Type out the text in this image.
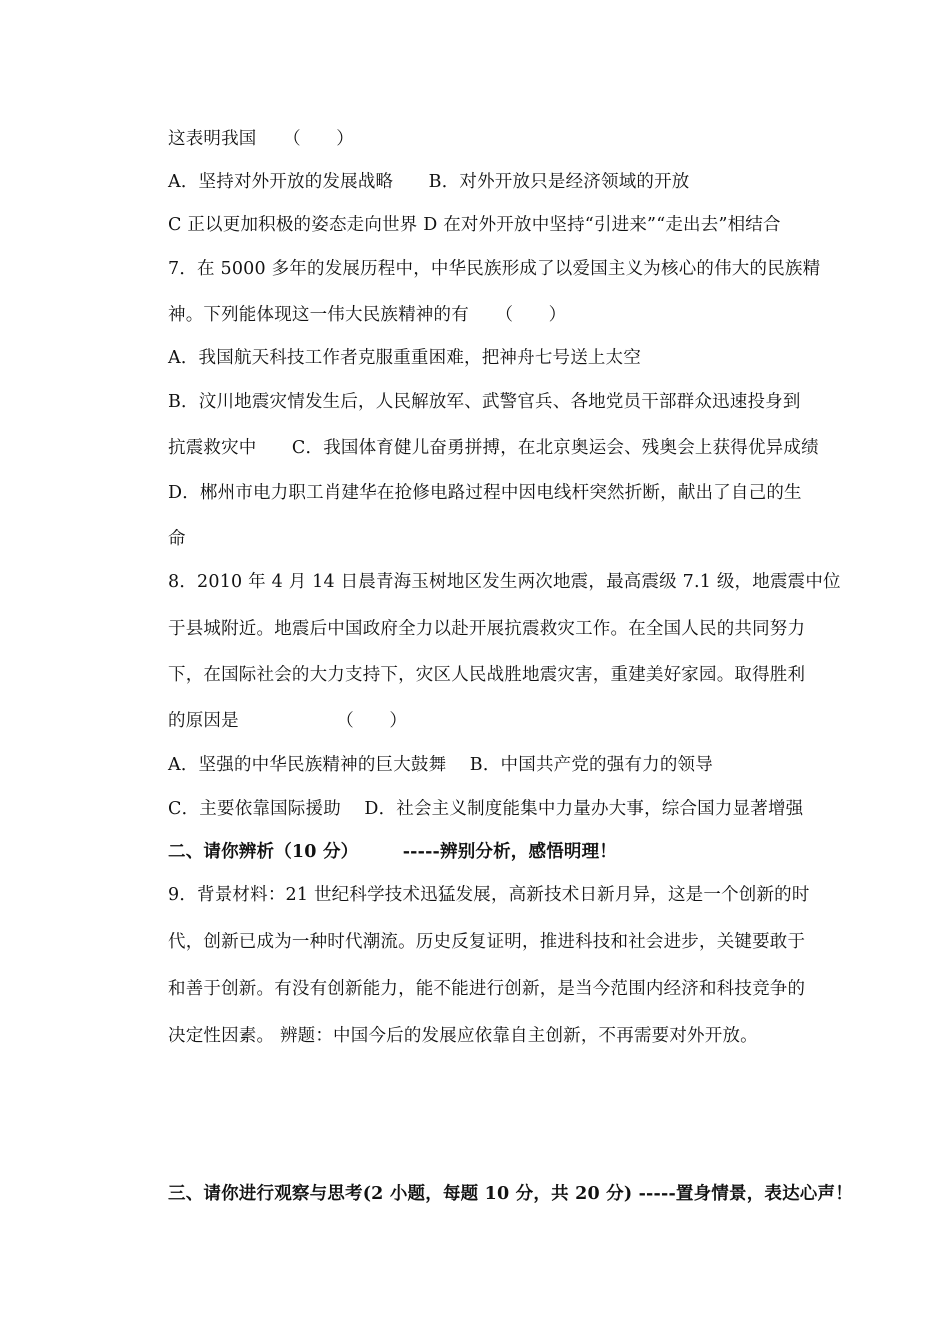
这表明我国　　（　　）
A．坚持对外开放的发展战略　　B．对外开放只是经济领域的开放
C 正以更加积极的姿态走向世界 D 在对外开放中坚持“引进来”“走出去”相结合
7．在 5000 多年的发展历程中，中华民族形成了以爱国主义为核心的伟大的民族精
神。下列能体现这一伟大民族精神的有　　（　　）
A．我国航天科技工作者克服重重困难，把神舟七号送上太空
B．汶川地震灾情发生后，人民解放军、武警官兵、各地党员干部群众迅速投身到
抗震救灾中　　C．我国体育健儿奋勇拼搏，在北京奥运会、残奥会上获得优异成绩
D．郴州市电力职工肖建华在抢修电路过程中因电线杆突然折断，献出了自己的生
命
8．2010 年 4 月 14 日晨青海玉树地区发生两次地震，最高震级 7.1 级，地震震中位
于县城附近。地震后中国政府全力以赴开展抗震救灾工作。在全国人民的共同努力
下，在国际社会的大力支持下，灾区人民战胜地震灾害，重建美好家园。取得胜利
的原因是　　　　　　（　　）
A．坚强的中华民族精神的巨大鼓舞　 B．中国共产党的强有力的领导
C．主要依靠国际援助　 D．社会主义制度能集中力量办大事，综合国力显著增强
二、请你辨析（10 分）　　　-----辨别分析，感悟明理！
9．背景材料：21 世纪科学技术迅猛发展，高新技术日新月异，这是一个创新的时
代，创新已成为一种时代潮流。历史反复证明，推进科技和社会进步，关键要敢于
和善于创新。有没有创新能力，能不能进行创新，是当今范围内经济和科技竞争的
决定性因素。 辨题：中国今后的发展应依靠自主创新，不再需要对外开放。
三、请你进行观察与思考(2 小题，每题 10 分，共 20 分) -----置身情景，表达心声！
